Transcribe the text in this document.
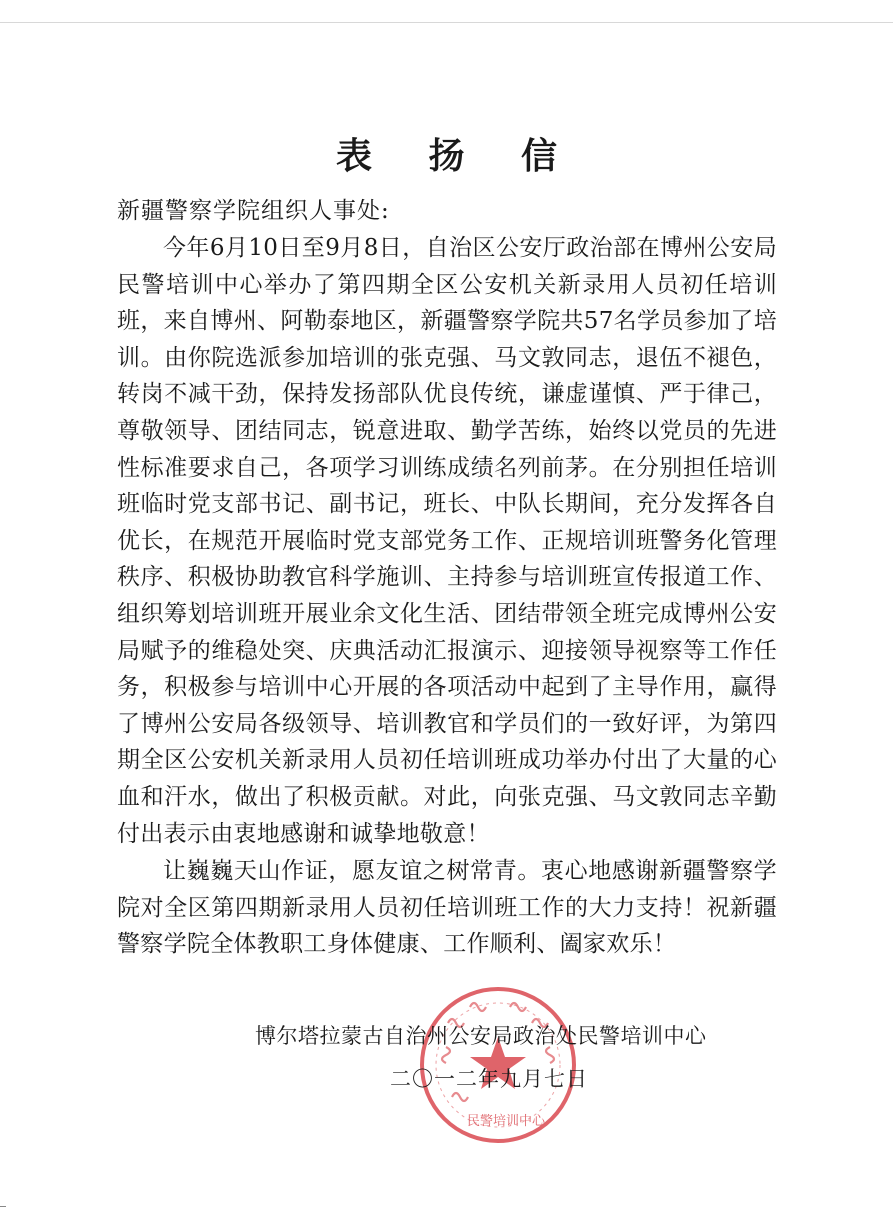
表 扬 信
新疆警察学院组织人事处:

今年6月10日至9月8日，自治区公安厅政治部在博州公安局民警培训中心举办了第四期全区公安机关新录用人员初任培训班，来自博州、阿勒泰地区，新疆警察学院共57名学员参加了培训。由你院选派参加培训的张克强、马文敦同志，退伍不褪色，转岗不减干劲，保持发扬部队优良传统，谦虚谨慎、严于律己，尊敬领导、团结同志，锐意进取、勤学苦练，始终以党员的先进性标准要求自己，各项学习训练成绩名列前茅。在分别担任培训班临时党支部书记、副书记，班长、中队长期间，充分发挥各自优长，在规范开展临时党支部党务工作、正规培训班警务化管理秩序、积极协助教官科学施训、主持参与培训班宣传报道工作、组织筹划培训班开展业余文化生活、团结带领全班完成博州公安局赋予的维稳处突、庆典活动汇报演示、迎接领导视察等工作任务，积极参与培训中心开展的各项活动中起到了主导作用，赢得了博州公安局各级领导、培训教官和学员们的一致好评，为第四期全区公安机关新录用人员初任培训班成功举办付出了大量的心血和汗水，做出了积极贡献。对此，向张克强、马文敦同志辛勤付出表示由衷地感谢和诚挚地敬意！

让巍巍天山作证，愿友谊之树常青。衷心地感谢新疆警察学院对全区第四期新录用人员初任培训班工作的大力支持！祝新疆警察学院全体教职工身体健康、工作顺利、阖家欢乐！

民警培训中心
博尔塔拉蒙古自治州公安局政治处民警培训中心
二〇一二年九月七日
